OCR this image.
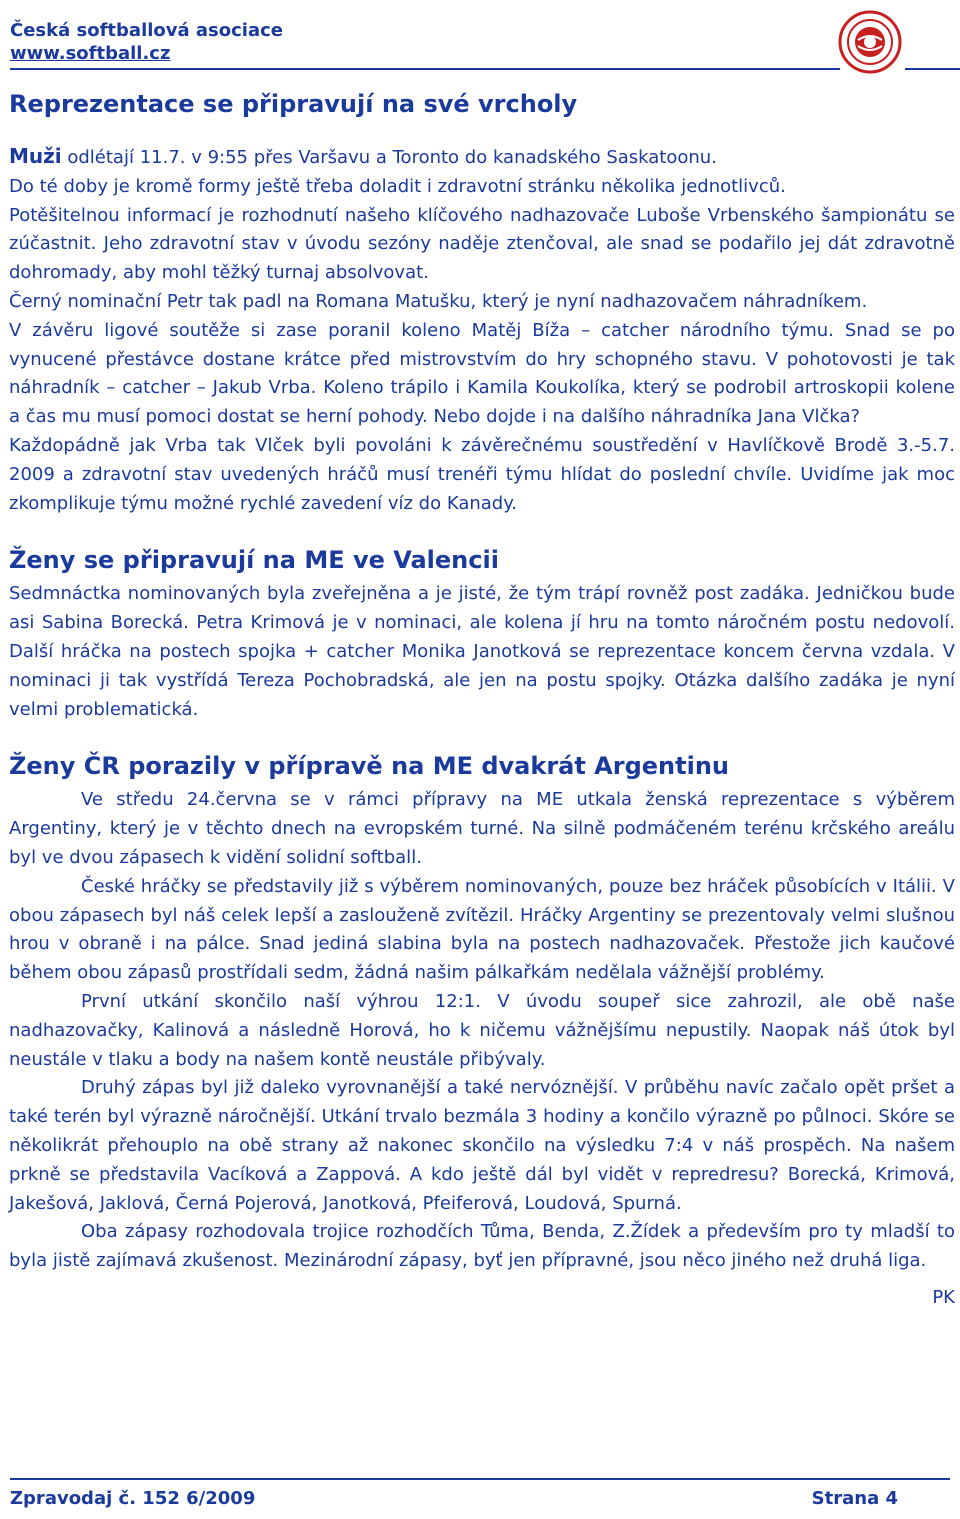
Česká softballová asociace
www.softball.cz
Reprezentace se připravují na své vrcholy

Muži odlétají 11.7. v 9:55 přes Varšavu a Toronto do kanadského Saskatoonu.

Do té doby je kromě formy ještě třeba doladit i zdravotní stránku několika jednotlivců.

Potěšitelnou informací je rozhodnutí našeho klíčového nadhazovače Luboše Vrbenského šampionátu se zúčastnit. Jeho zdravotní stav v úvodu sezóny naděje ztenčoval, ale snad se podařilo jej dát zdravotně dohromady, aby mohl těžký turnaj absolvovat.

Černý nominační Petr tak padl na Romana Matušku, který je nyní nadhazovačem náhradníkem.

V závěru ligové soutěže si zase poranil koleno Matěj Bíža – catcher národního týmu. Snad se po vynucené přestávce dostane krátce před mistrovstvím do hry schopného stavu. V pohotovosti je tak náhradník – catcher – Jakub Vrba. Koleno trápilo i Kamila Koukolíka, který se podrobil artroskopii kolene a čas mu musí pomoci dostat se herní pohody. Nebo dojde i na dalšího náhradníka Jana Vlčka?

Každopádně jak Vrba tak Vlček byli povoláni k závěrečnému soustředění v Havlíčkově Brodě 3.-5.7. 2009 a zdravotní stav uvedených hráčů musí trenéři týmu hlídat do poslední chvíle. Uvidíme jak moc zkomplikuje týmu možné rychlé zavedení víz do Kanady.

Ženy se připravují na ME ve Valencii

Sedmnáctka nominovaných byla zveřejněna a je jisté, že tým trápí rovněž post zadáka. Jedničkou bude asi Sabina Borecká. Petra Krimová je v nominaci, ale kolena jí hru na tomto náročném postu nedovolí. Další hráčka na postech spojka + catcher Monika Janotková se reprezentace koncem června vzdala. V nominaci ji tak vystřídá Tereza Pochobradská, ale jen na postu spojky. Otázka dalšího zadáka je nyní velmi problematická.

Ženy ČR porazily v přípravě na ME dvakrát Argentinu

Ve středu 24.června se v rámci přípravy na ME utkala ženská reprezentace s výběrem Argentiny, který je v těchto dnech na evropském turné. Na silně podmáčeném terénu krčského areálu byl ve dvou zápasech k vidění solidní softball.

České hráčky se představily již s výběrem nominovaných, pouze bez hráček působících v Itálii. V obou zápasech byl náš celek lepší a zaslouženě zvítězil. Hráčky Argentiny se prezentovaly velmi slušnou hrou v obraně i na pálce. Snad jediná slabina byla na postech nadhazovaček. Přestože jich kaučové během obou zápasů prostřídali sedm, žádná našim pálkařkám nedělala vážnější problémy.

První utkání skončilo naší výhrou 12:1. V úvodu soupeř sice zahrozil, ale obě naše nadhazovačky, Kalinová a následně Horová, ho k ničemu vážnějšímu nepustily. Naopak náš útok byl neustále v tlaku a body na našem kontě neustále přibývaly.

Druhý zápas byl již daleko vyrovnanější a také nervóznější. V průběhu navíc začalo opět pršet a také terén byl výrazně náročnější. Utkání trvalo bezmála 3 hodiny a končilo výrazně po půlnoci. Skóre se několikrát přehouplo na obě strany až nakonec skončilo na výsledku 7:4 v náš prospěch. Na našem prkně se představila Vacíková a Zappová. A kdo ještě dál byl vidět v repredresu? Borecká, Krimová, Jakešová, Jaklová, Černá Pojerová, Janotková, Pfeiferová, Loudová, Spurná.

Oba zápasy rozhodovala trojice rozhodčích Tůma, Benda, Z.Žídek a především pro ty mladší to byla jistě zajímavá zkušenost. Mezinárodní zápasy, byť jen přípravné, jsou něco jiného než druhá liga.

PK

Zpravodaj č. 152 6/2009	Strana 4
